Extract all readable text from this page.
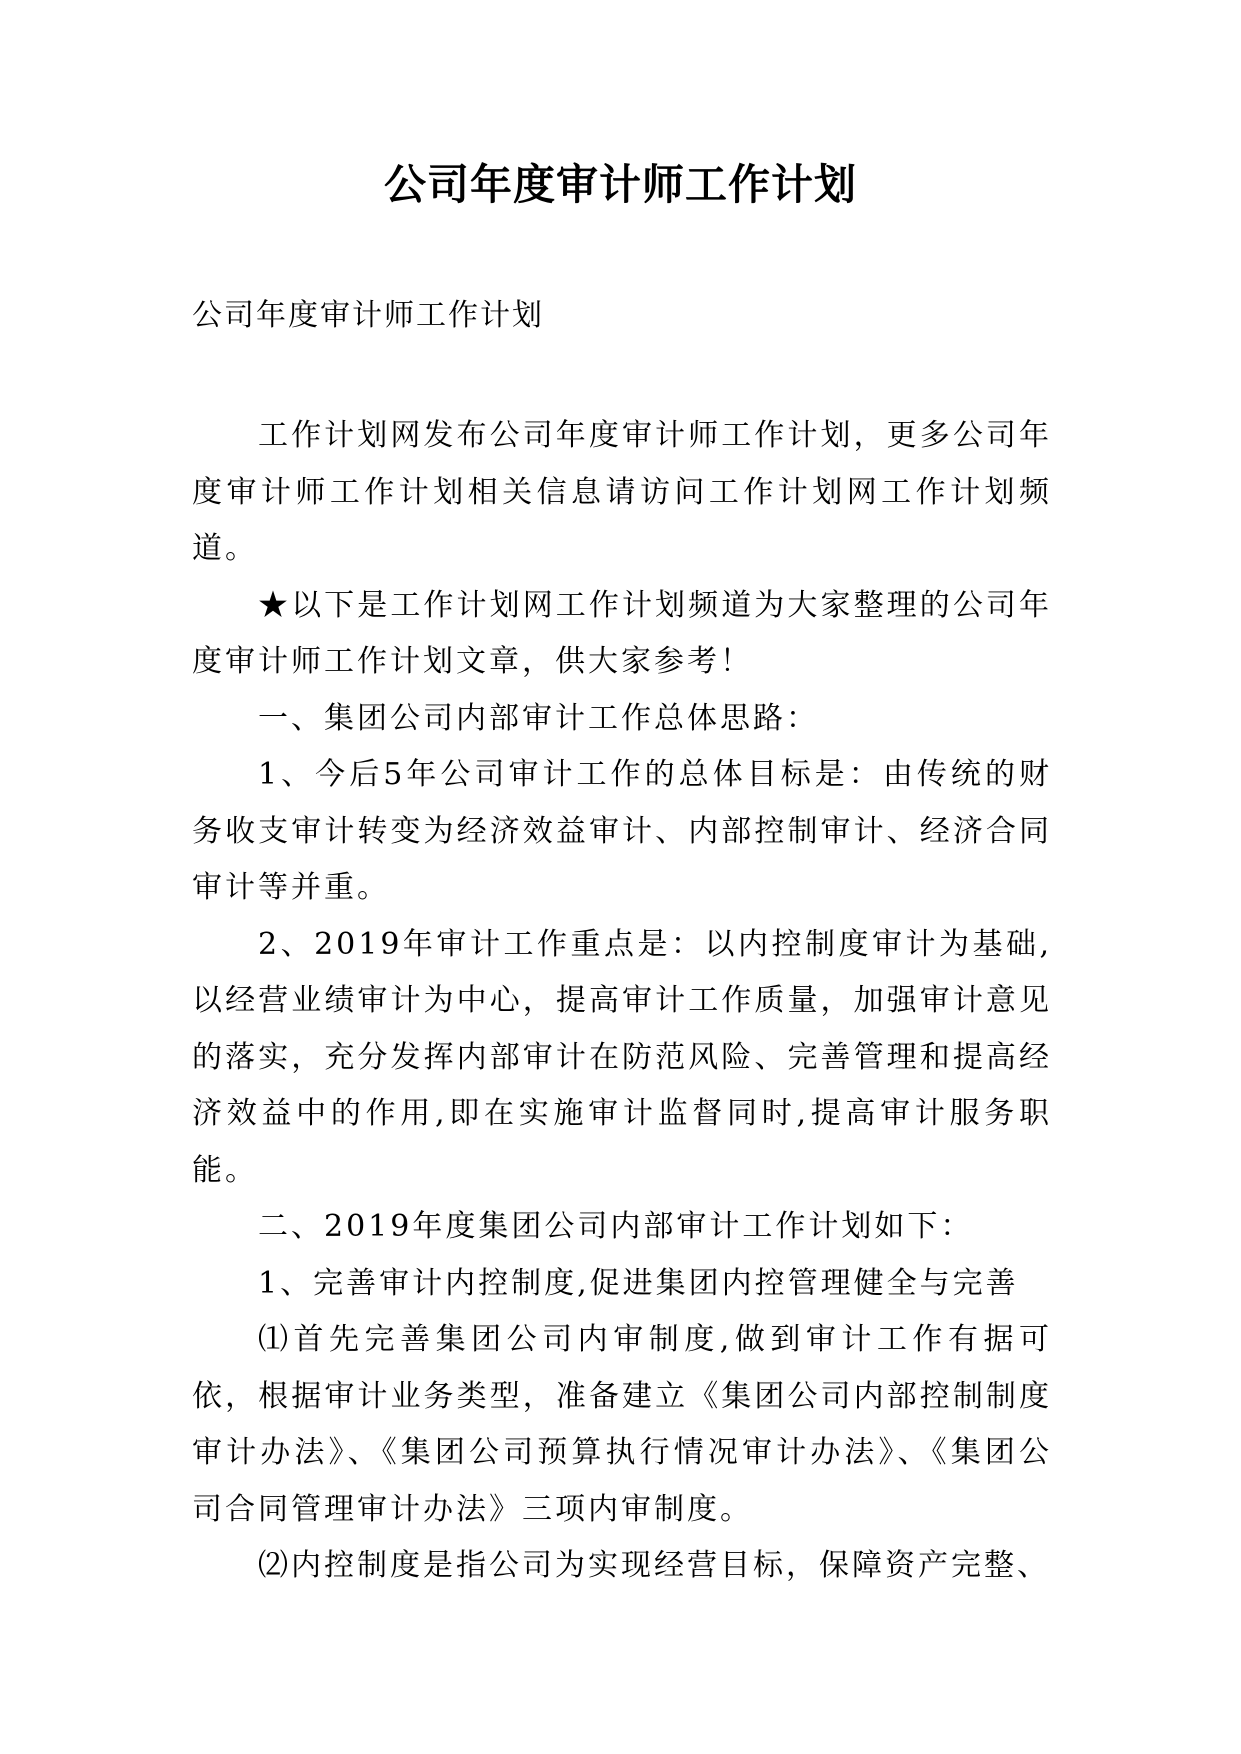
公司年度审计师工作计划
公司年度审计师工作计划

工作计划网发布公司年度审计师工作计划，更多公司年度审计师工作计划相关信息请访问工作计划网工作计划频道。

★以下是工作计划网工作计划频道为大家整理的公司年度审计师工作计划文章，供大家参考！

一、集团公司内部审计工作总体思路：

1、今后5年公司审计工作的总体目标是：由传统的财务收支审计转变为经济效益审计、内部控制审计、经济合同审计等并重。

2、2019年审计工作重点是：以内控制度审计为基础,以经营业绩审计为中心，提高审计工作质量，加强审计意见的落实，充分发挥内部审计在防范风险、完善管理和提高经济效益中的作用,即在实施审计监督同时,提高审计服务职能。

二、2019年度集团公司内部审计工作计划如下：

1、完善审计内控制度,促进集团内控管理健全与完善

⑴首先完善集团公司内审制度,做到审计工作有据可依，根据审计业务类型，准备建立《集团公司内部控制制度审计办法》、《集团公司预算执行情况审计办法》、《集团公司合同管理审计办法》三项内审制度。

⑵内控制度是指公司为实现经营目标，保障资产完整、
